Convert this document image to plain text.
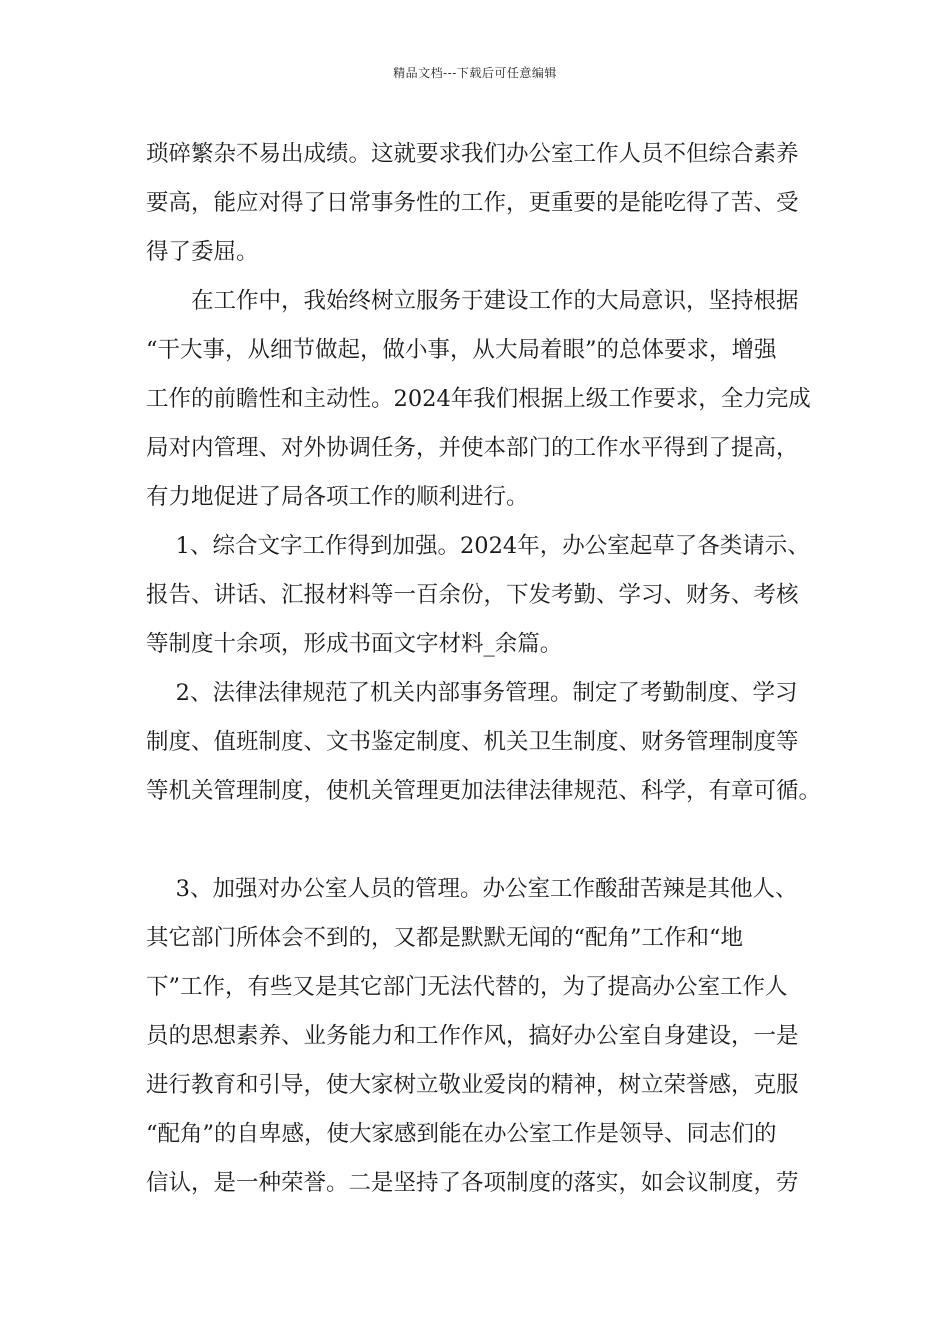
精品文档---下载后可任意编辑
琐碎繁杂不易出成绩。这就要求我们办公室工作人员不但综合素养
要高，能应对得了日常事务性的工作，更重要的是能吃得了苦、受
得了委屈。
　　在工作中，我始终树立服务于建设工作的大局意识，坚持根据
“干大事，从细节做起，做小事，从大局着眼”的总体要求，增强
工作的前瞻性和主动性。2024年我们根据上级工作要求，全力完成
局对内管理、对外协调任务，并使本部门的工作水平得到了提高，
有力地促进了局各项工作的顺利进行。
　 1、综合文字工作得到加强。2024年，办公室起草了各类请示、
报告、讲话、汇报材料等一百余份，下发考勤、学习、财务、考核
等制度十余项，形成书面文字材料_余篇。
　 2、法律法律规范了机关内部事务管理。制定了考勤制度、学习
制度、值班制度、文书鉴定制度、机关卫生制度、财务管理制度等
等机关管理制度，使机关管理更加法律法律规范、科学，有章可循。
　 3、加强对办公室人员的管理。办公室工作酸甜苦辣是其他人、
其它部门所体会不到的，又都是默默无闻的“配角”工作和“地
下”工作，有些又是其它部门无法代替的，为了提高办公室工作人
员的思想素养、业务能力和工作作风，搞好办公室自身建设，一是
进行教育和引导，使大家树立敬业爱岗的精神，树立荣誉感，克服
“配角”的自卑感，使大家感到能在办公室工作是领导、同志们的
信认，是一种荣誉。二是坚持了各项制度的落实，如会议制度，劳
